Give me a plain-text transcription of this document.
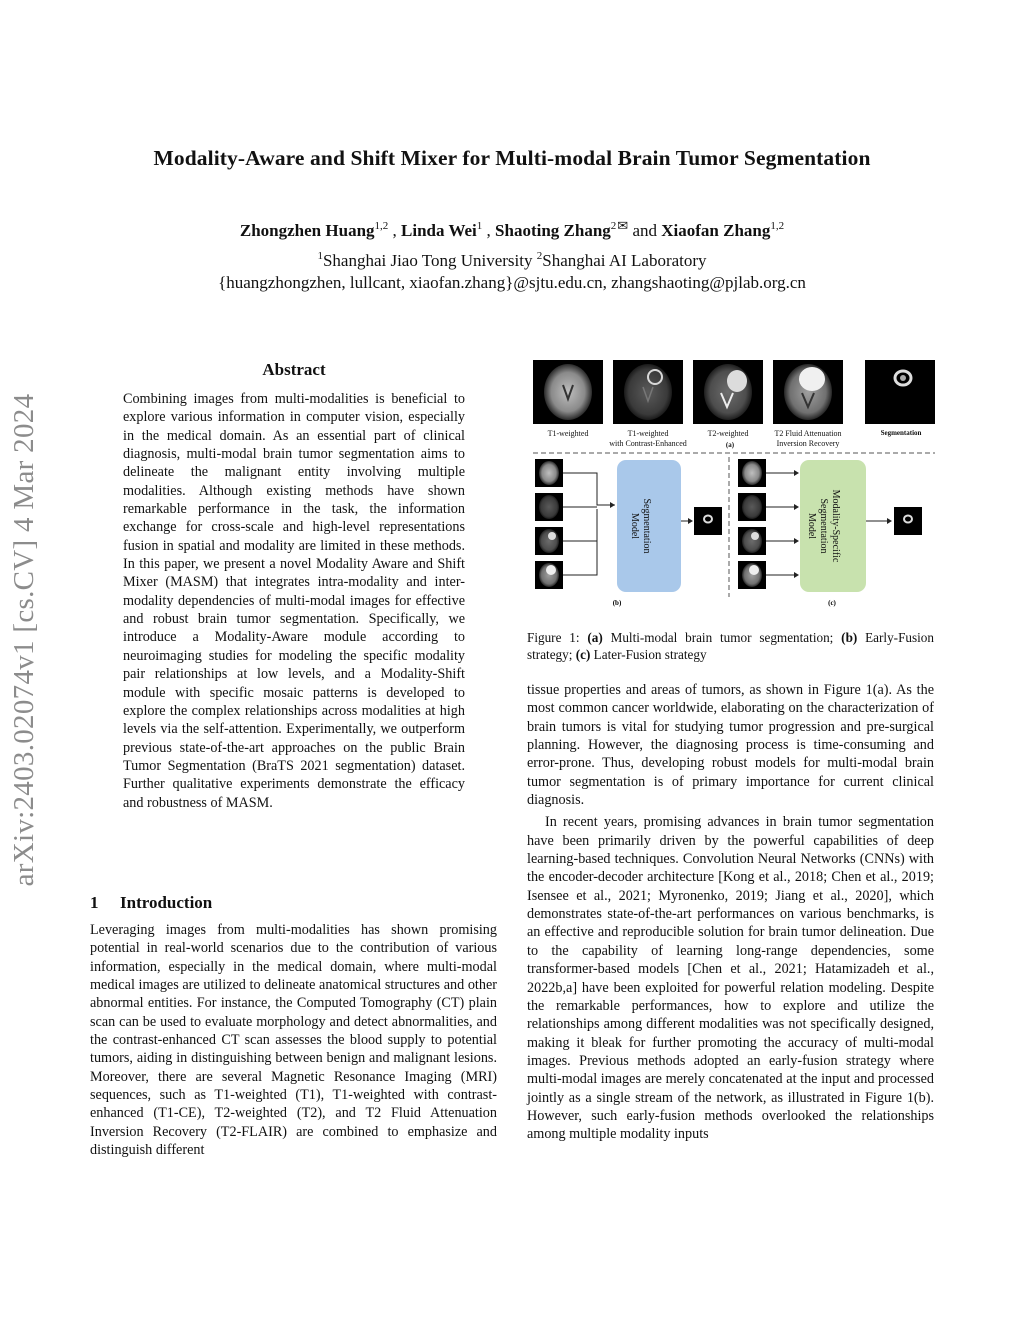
Modality-Aware and Shift Mixer for Multi-modal Brain Tumor Segmentation
Zhongzhen Huang$^{1,2}$ , Linda Wei$^1$ , Shaoting Zhang$^{2✉}$ and Xiaofan Zhang$^{1,2}$
$^1$Shanghai Jiao Tong University $^2$Shanghai AI Laboratory
{huangzhongzhen, lullcant, xiaofan.zhang}@sjtu.edu.cn, zhangshaoting@pjlab.org.cn
arXiv:2403.02074v1 [cs.CV] 4 Mar 2024
Abstract

Combining images from multi-modalities is beneficial to explore various information in computer vision, especially in the medical domain. As an essential part of clinical diagnosis, multi-modal brain tumor segmentation aims to delineate the malignant entity involving multiple modalities. Although existing methods have shown remarkable performance in the task, the information exchange for cross-scale and high-level representations fusion in spatial and modality are limited in these methods. In this paper, we present a novel Modality Aware and Shift Mixer (MASM) that integrates intra-modality and inter-modality dependencies of multi-modal images for effective and robust brain tumor segmentation. Specifically, we introduce a Modality-Aware module according to neuroimaging studies for modeling the specific modality pair relationships at low levels, and a Modality-Shift module with specific mosaic patterns is developed to explore the complex relationships across modalities at high levels via the self-attention. Experimentally, we outperform previous state-of-the-art approaches on the public Brain Tumor Segmentation (BraTS 2021 segmentation) dataset. Further qualitative experiments demonstrate the efficacy and robustness of MASM.

1 Introduction

Leveraging images from multi-modalities has shown promising potential in real-world scenarios due to the contribution of various information, especially in the medical domain, where multi-modal medical images are utilized to delineate anatomical structures and other abnormal entities. For instance, the Computed Tomography (CT) plain scan can be used to evaluate morphology and detect abnormalities, and the contrast-enhanced CT scan assesses the blood supply to potential tumors, aiding in distinguishing between benign and malignant lesions. Moreover, there are several Magnetic Resonance Imaging (MRI) sequences, such as T1-weighted (T1), T1-weighted with contrast-enhanced (T1-CE), T2-weighted (T2), and T2 Fluid Attenuation Inversion Recovery (T2-FLAIR) are combined to emphasize and distinguish different

T1-weighted	T1-weighted
with Contrast-Enhanced
T2-weighted	T2 Fluid Attenuation
Inversion Recovery
Segmentation
(a)
Segmentation
Model
(b)
Modality-Specific
Segmentation
Model
(c)

Figure 1: (a) Multi-modal brain tumor segmentation; (b) Early-Fusion strategy; (c) Later-Fusion strategy

tissue properties and areas of tumors, as shown in Figure 1(a). As the most common cancer worldwide, elaborating on the characterization of brain tumors is vital for studying tumor progression and pre-surgical planning. However, the diagnosing process is time-consuming and error-prone. Thus, developing robust models for multi-modal brain tumor segmentation is of primary importance for current clinical diagnosis.

In recent years, promising advances in brain tumor segmentation have been primarily driven by the powerful capabilities of deep learning-based techniques. Convolution Neural Networks (CNNs) with the encoder-decoder architecture [Kong et al., 2018; Chen et al., 2019; Isensee et al., 2021; Myronenko, 2019; Jiang et al., 2020], which demonstrates state-of-the-art performances on various benchmarks, is an effective and reproducible solution for brain tumor delineation. Due to the capability of learning long-range dependencies, some transformer-based models [Chen et al., 2021; Hatamizadeh et al., 2022b,a] have been exploited for powerful relation modeling. Despite the remarkable performances, how to explore and utilize the relationships among different modalities was not specifically designed, making it bleak for further promoting the accuracy of multi-modal images. Previous methods adopted an early-fusion strategy where multi-modal images are merely concatenated at the input and processed jointly as a single stream of the network, as illustrated in Figure 1(b). However, such early-fusion methods overlooked the relationships among multiple modality inputs
